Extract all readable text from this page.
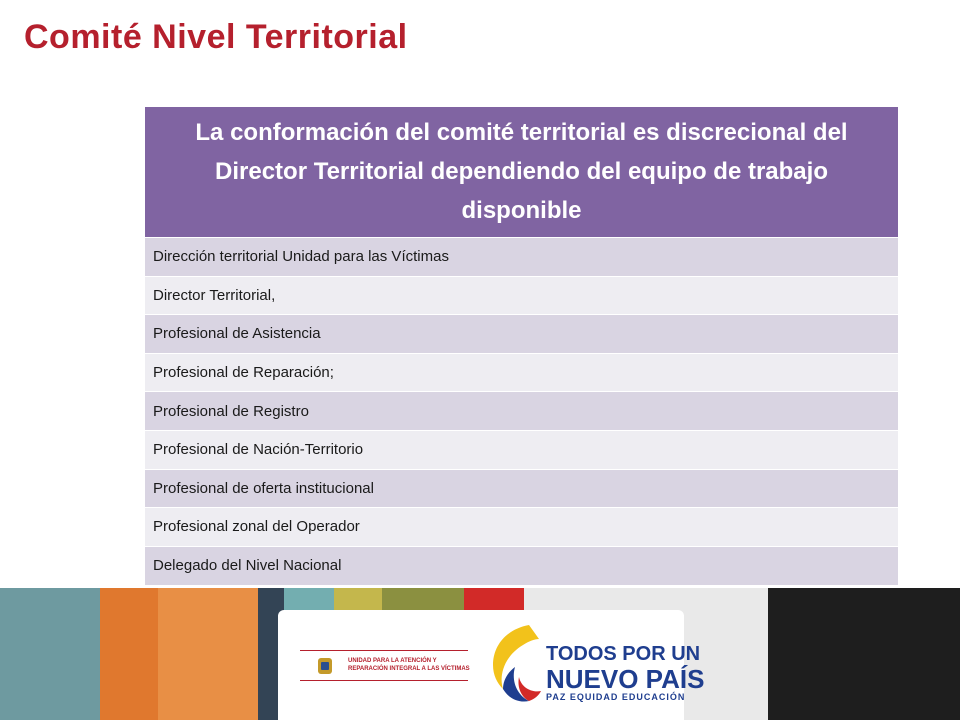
Comité Nivel Territorial
La conformación del comité territorial es discrecional del Director Territorial dependiendo del equipo de trabajo disponible
Dirección territorial Unidad para las Víctimas
Director Territorial,
Profesional de Asistencia
Profesional de Reparación;
Profesional de Registro
Profesional de Nación-Territorio
Profesional de oferta institucional
Profesional zonal del Operador
Delegado del Nivel Nacional
UNIDAD PARA LA ATENCIÓN Y REPARACIÓN INTEGRAL A LAS VÍCTIMAS
TODOS POR UN
NUEVO PAÍS
PAZ EQUIDAD EDUCACIÓN
